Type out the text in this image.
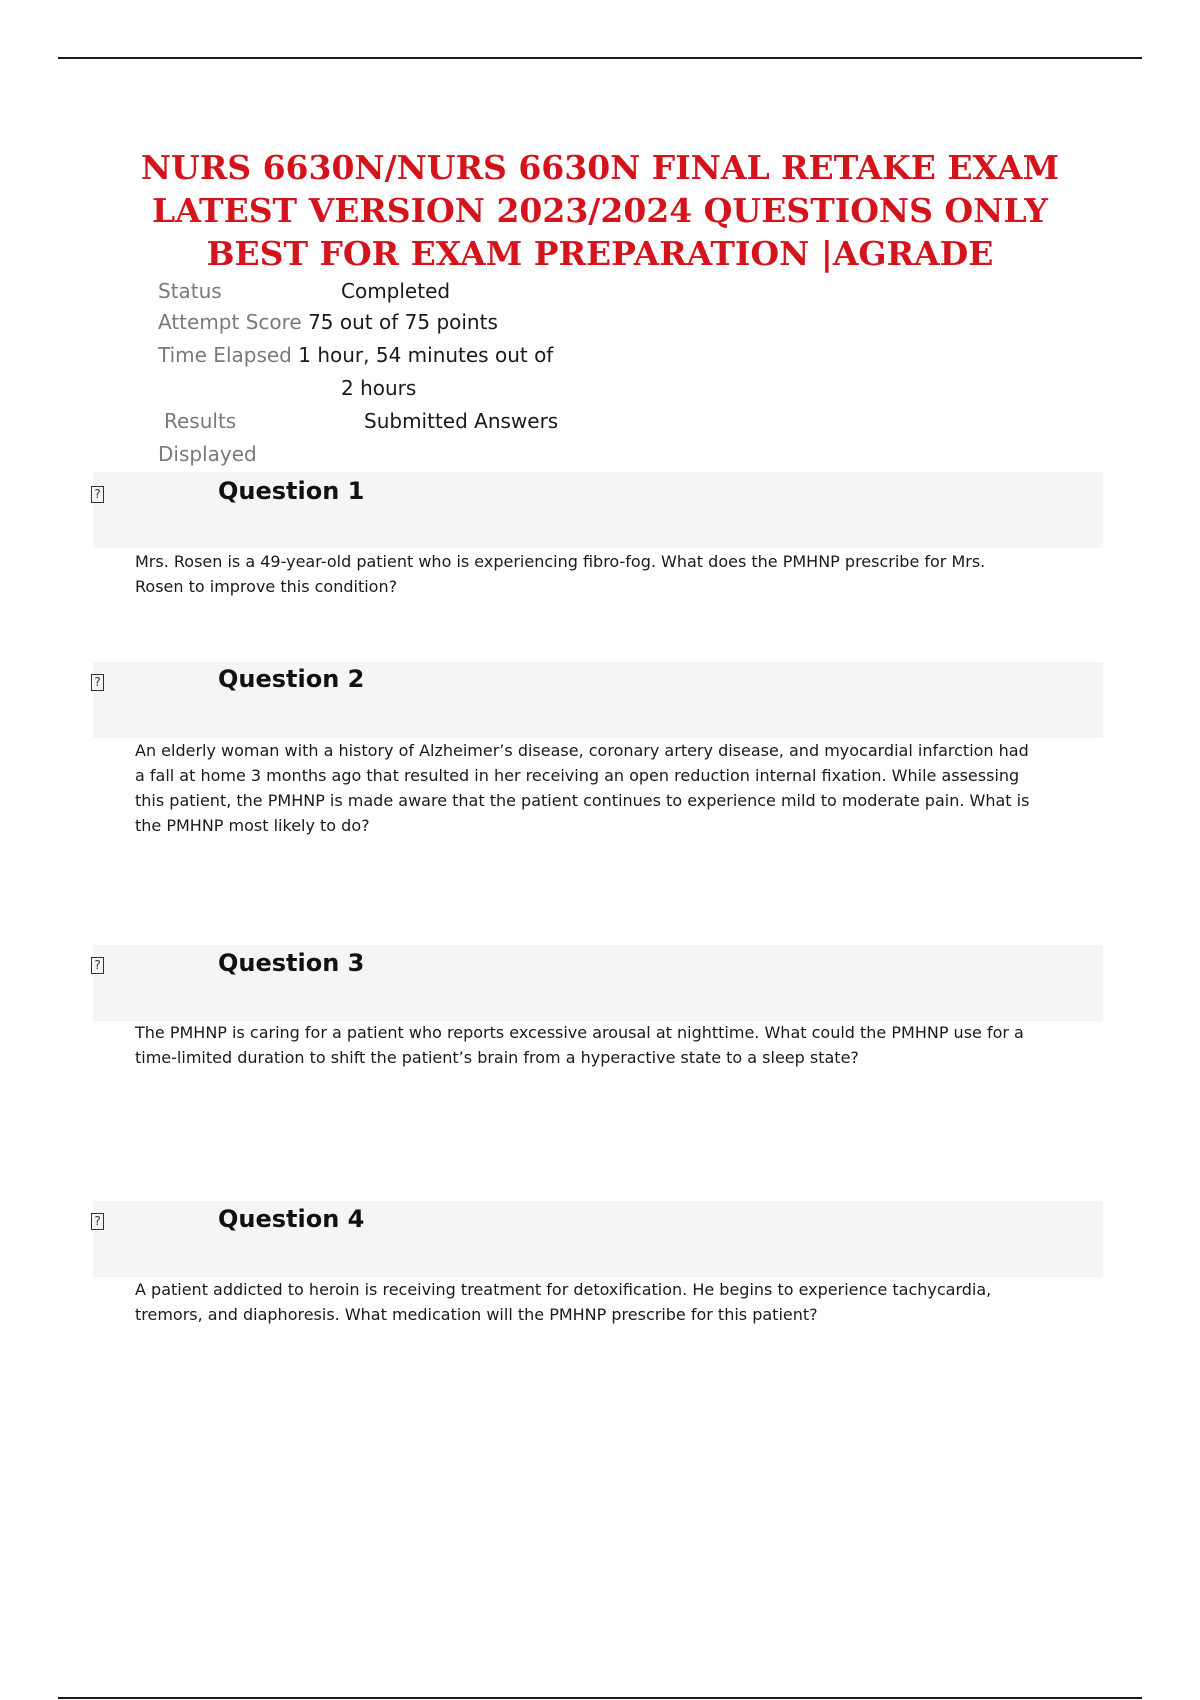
NURS 6630N/NURS 6630N FINAL RETAKE EXAM LATEST VERSION 2023/2024 QUESTIONS ONLY BEST FOR EXAM PREPARATION |AGRADE
Status	Completed
Attempt Score 75 out of 75 points
Time Elapsed 1 hour, 54 minutes out of
2 hours
Results	Submitted Answers
Displayed
?	Question 1

Mrs. Rosen is a 49-year-old patient who is experiencing fibro-fog. What does the PMHNP prescribe for Mrs. Rosen to improve this condition?

?	Question 2

An elderly woman with a history of Alzheimer’s disease, coronary artery disease, and myocardial infarction had a fall at home 3 months ago that resulted in her receiving an open reduction internal fixation. While assessing this patient, the PMHNP is made aware that the patient continues to experience mild to moderate pain. What is the PMHNP most likely to do?

?	Question 3

The PMHNP is caring for a patient who reports excessive arousal at nighttime. What could the PMHNP use for a time-limited duration to shift the patient’s brain from a hyperactive state to a sleep state?

?	Question 4

A patient addicted to heroin is receiving treatment for detoxification. He begins to experience tachycardia, tremors, and diaphoresis. What medication will the PMHNP prescribe for this patient?
